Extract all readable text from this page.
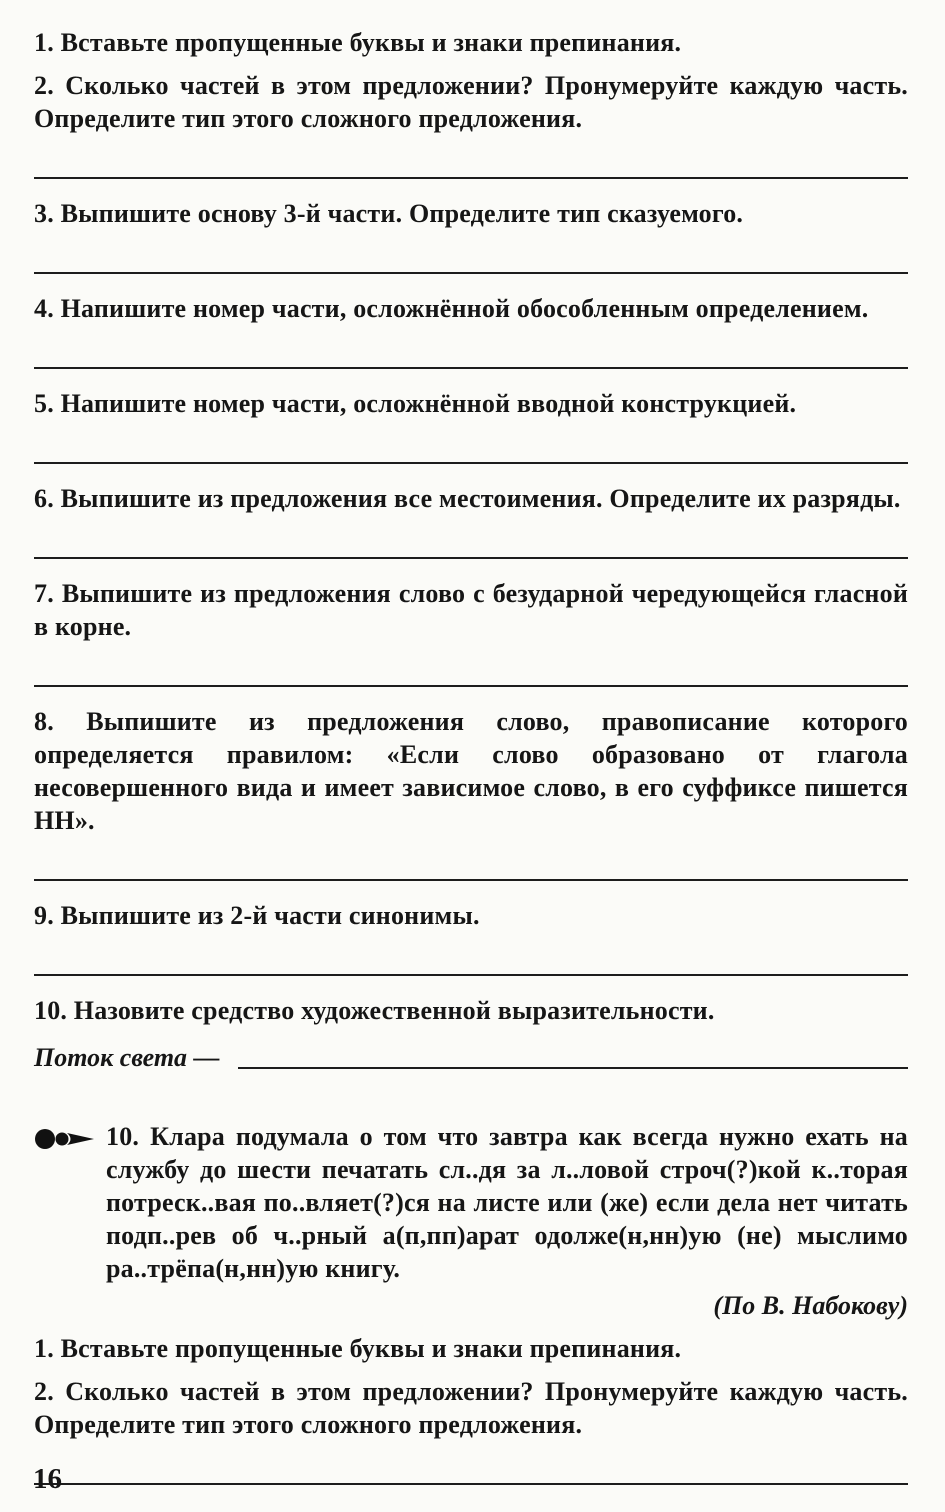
1. Вставьте пропущенные буквы и знаки препинания.

2. Сколько частей в этом предложении? Пронумеруйте каждую часть. Определите тип этого сложного предложения.

3. Выпишите основу 3-й части. Определите тип сказуемого.

4. Напишите номер части, осложнённой обособленным определением.

5. Напишите номер части, осложнённой вводной конструкцией.

6. Выпишите из предложения все местоимения. Определите их разряды.

7. Выпишите из предложения слово с безударной чередующейся гласной в корне.

8. Выпишите из предложения слово, правописание которого определяется правилом: «Если слово образовано от глагола несовершенного вида и имеет зависимое слово, в его суффиксе пишется НН».

9. Выпишите из 2-й части синонимы.

10. Назовите средство художественной выразительности.

Поток света —

10. Клара подумала о том что завтра как всегда нужно ехать на службу до шести печатать сл..дя за л..ловой строч(?)кой к..торая потреск..вая по..вляет(?)ся на листе или (же) если дела нет читать подп..рев об ч..рный а(п,пп)арат одолже(н,нн)ую (не) мыслимо ра..трёпа(н,нн)ую книгу.

(По В. Набокову)

1. Вставьте пропущенные буквы и знаки препинания.

2. Сколько частей в этом предложении? Пронумеруйте каждую часть. Определите тип этого сложного предложения.

16
